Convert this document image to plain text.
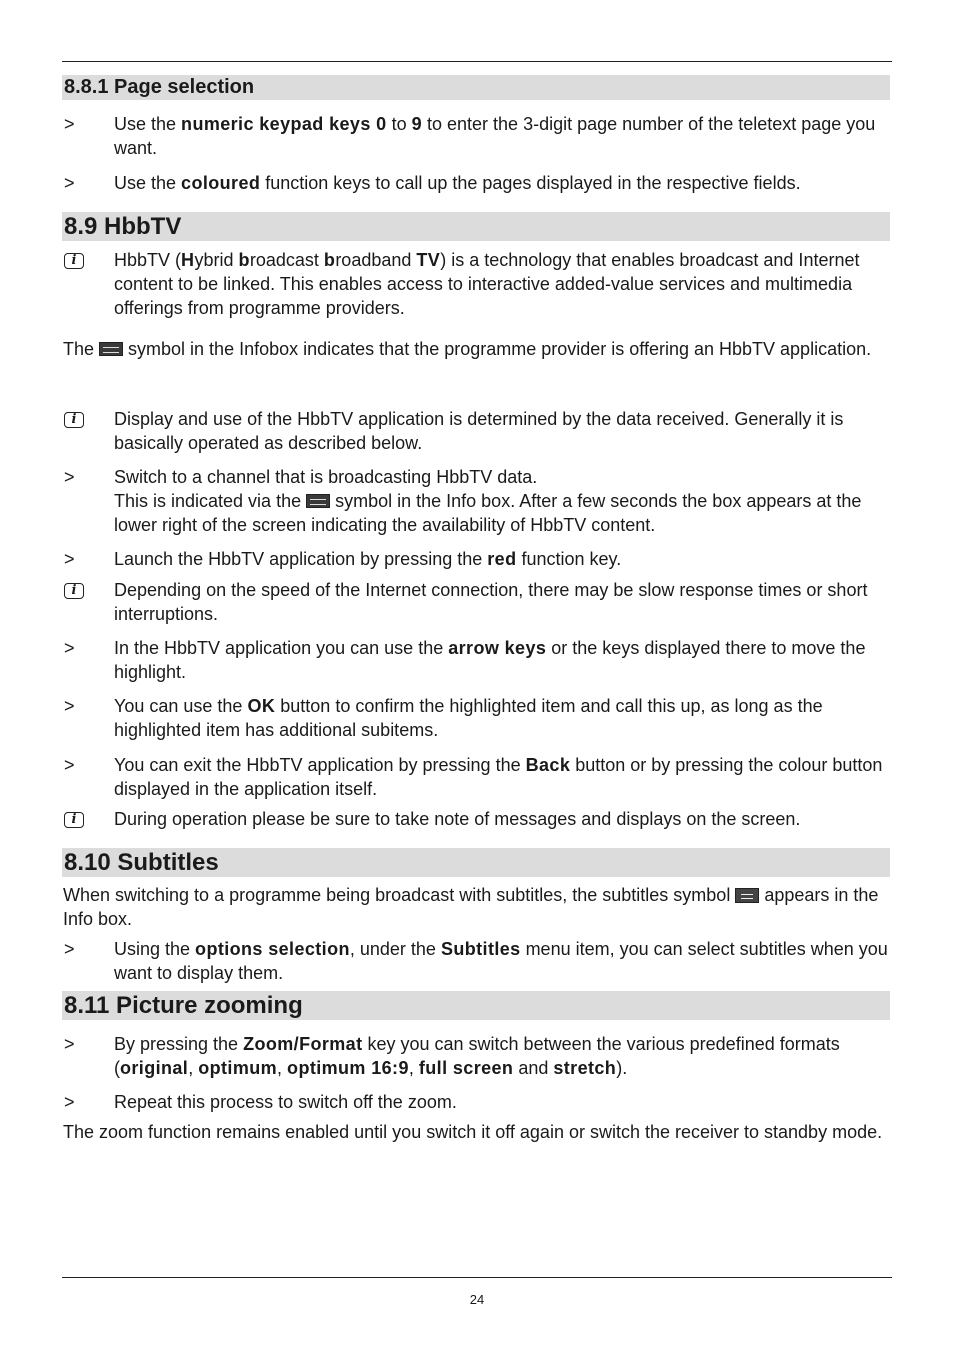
8.8.1 Page selection
>	Use the numeric keypad keys 0 to 9 to enter the 3-digit page number of the teletext page you want.
>	Use the coloured function keys to call up the pages displayed in the respective fields.
8.9 HbbTV
i	HbbTV (Hybrid broadcast broadband TV) is a technology that enables broadcast and Internet content to be linked. This enables access to interactive added-value services and multimedia offerings from programme providers.
The  symbol in the Infobox indicates that the programme provider is offering an HbbTV application.
i	Display and use of the HbbTV application is determined by the data received. Generally it is basically operated as described below.
>	Switch to a channel that is broadcasting HbbTV data.
This is indicated via the  symbol in the Info box. After a few seconds the box appears at the lower right of the screen indicating the availability of HbbTV content.
>	Launch the HbbTV application by pressing the red function key.
i	Depending on the speed of the Internet connection, there may be slow response times or short interruptions.
>	In the HbbTV application you can use the arrow keys or the keys displayed there to move the highlight.
>	You can use the OK button to confirm the highlighted item and call this up, as long as the highlighted item has additional subitems.
>	You can exit the HbbTV application by pressing the Back button or by pressing the colour button displayed in the application itself.
i	During operation please be sure to take note of messages and displays on the screen.
8.10 Subtitles
When switching to a programme being broadcast with subtitles, the subtitles symbol  appears in the Info box.
>	Using the options selection, under the Subtitles menu item, you can select subtitles when you want to display them.
8.11 Picture zooming
>	By pressing the Zoom/Format key you can switch between the various predefined formats (original, optimum, optimum 16:9, full screen and stretch).
>	Repeat this process to switch off the zoom.
The zoom function remains enabled until you switch it off again or switch the receiver to standby mode.
24
